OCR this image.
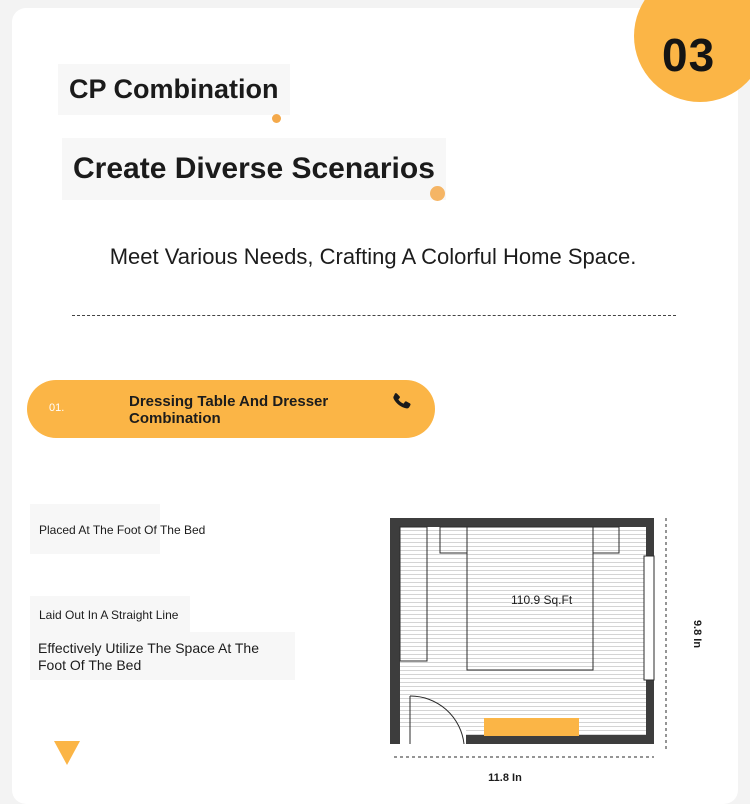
03
CP Combination
Create Diverse Scenarios
Meet Various Needs, Crafting A Colorful Home Space.
01.	Dressing Table And Dresser
Combination
Placed At The Foot Of The Bed
Laid Out In A Straight Line
Effectively Utilize The Space At The
Foot Of The Bed
110.9 Sq.Ft
9.8 In
11.8 In
